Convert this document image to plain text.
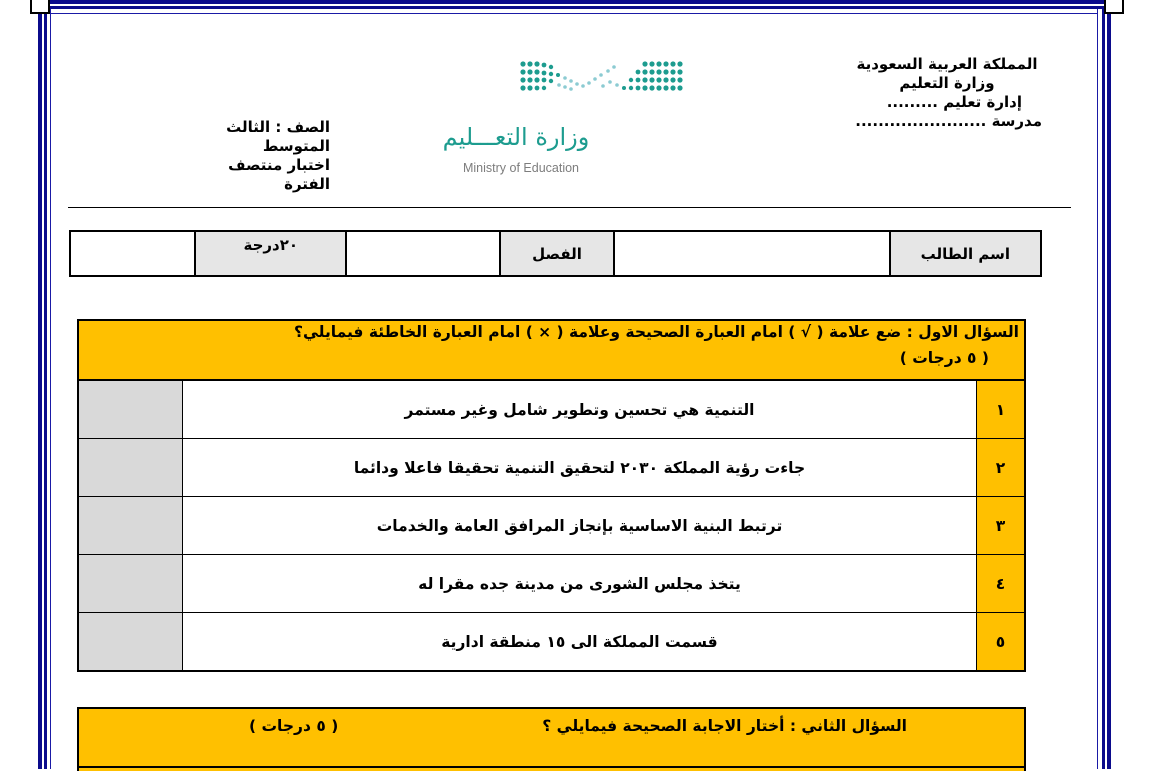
المملكة العربية السعودية
وزارة التعليم
إدارة تعليم .........
مدرسة .......................
الصف : الثالث المتوسط
اختبار منتصف الفترة
وزارة التعـــليم
Ministry of Education
اسم الطالب		الفصل		٢٠درجة	
السؤال الاول : ضع علامة ( √ ) امام العبارة الصحيحة وعلامة ( × ) امام العبارة الخاطئة فيمايلي؟
( ٥ درجات )
١	التنمية هي تحسين وتطوير شامل وغير مستمر	
٢	جاءت رؤية المملكة ٢٠٣٠ لتحقيق التنمية تحقيقا فاعلا ودائما	
٣	ترتبط البنية الاساسية بإنجاز المرافق العامة والخدمات	
٤	يتخذ مجلس الشورى من مدينة جده مقرا له	
٥	قسمت المملكة الى ١٥ منطقة ادارية	
السؤال الثاني : أختار الاجابة الصحيحة فيمايلي ؟
( ٥ درجات )
